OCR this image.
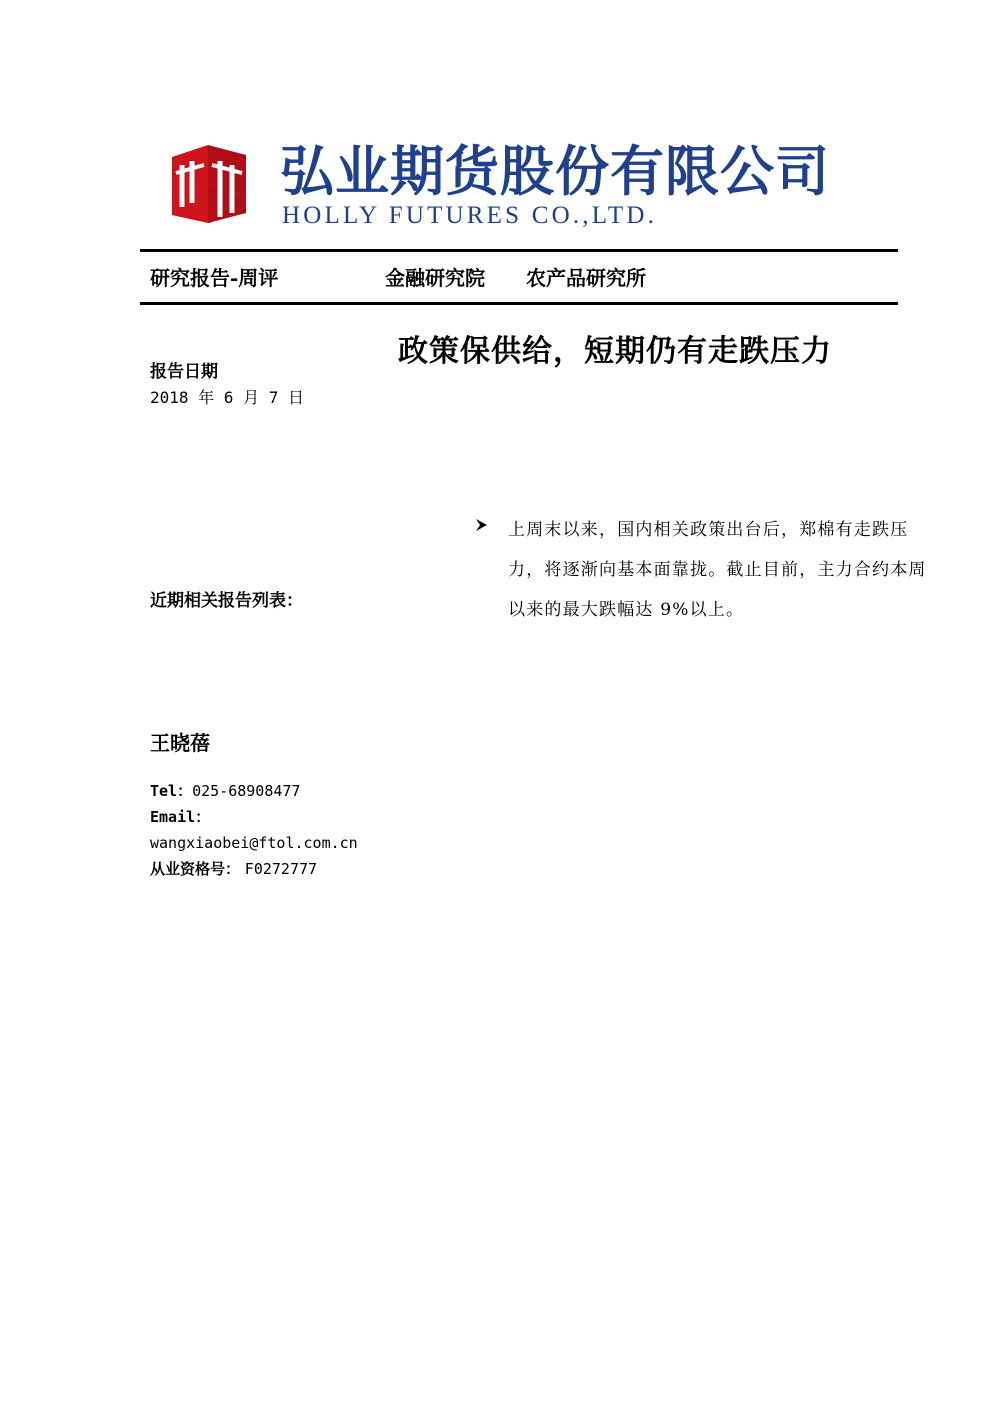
弘业期货股份有限公司
HOLLY FUTURES CO.,LTD.
研究报告-周评	金融研究院 农产品研究所
政策保供给，短期仍有走跌压力
报告日期
2018 年 6 月 7 日
上周末以来，国内相关政策出台后，郑棉有走跌压力，将逐渐向基本面靠拢。截止目前，主力合约本周以来的最大跌幅达 9%以上。
近期相关报告列表：
王晓蓓
Tel：025-68908477
Email：
wangxiaobei@ftol.com.cn
从业资格号： F0272777
